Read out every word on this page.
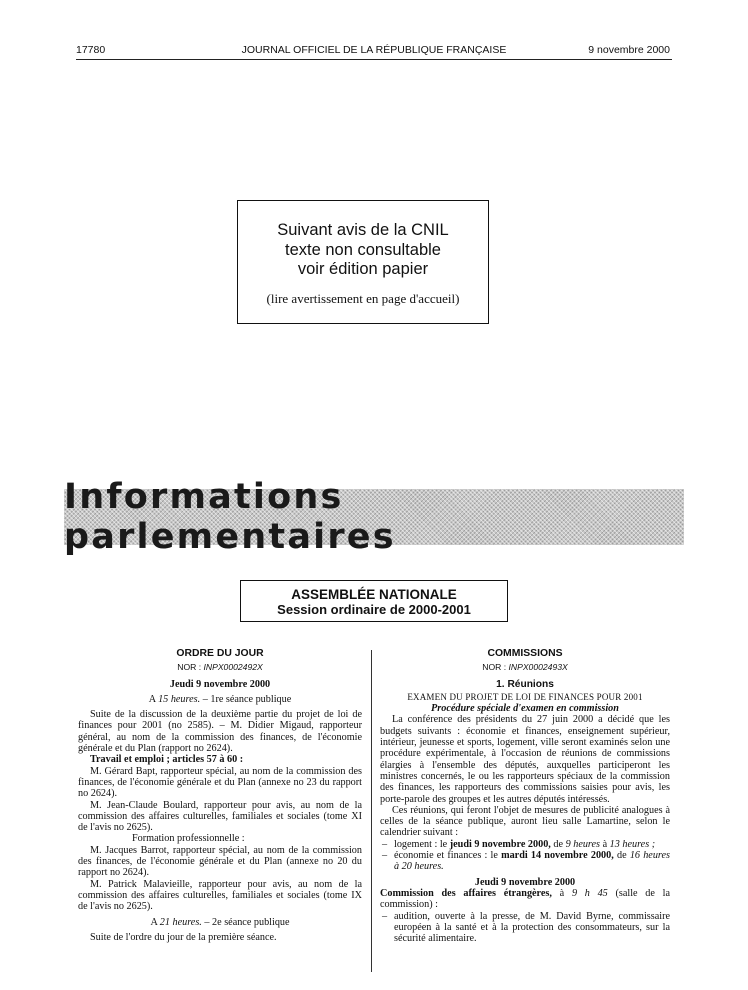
17780	JOURNAL OFFICIEL DE LA RÉPUBLIQUE FRANÇAISE	9 novembre 2000
Suivant avis de la CNIL
texte non consultable
voir édition papier
(lire avertissement en page d'accueil)
Informations parlementaires
ASSEMBLÉE NATIONALE
Session ordinaire de 2000-2001
ORDRE DU JOUR
NOR : INPX0002492X
Jeudi 9 novembre 2000
A 15 heures. – 1re séance publique

Suite de la discussion de la deuxième partie du projet de loi de finances pour 2001 (no 2585). – M. Didier Migaud, rapporteur général, au nom de la commission des finances, de l'économie générale et du Plan (rapport no 2624).

Travail et emploi ; articles 57 à 60 :

M. Gérard Bapt, rapporteur spécial, au nom de la commission des finances, de l'économie générale et du Plan (annexe no 23 du rapport no 2624).

M. Jean-Claude Boulard, rapporteur pour avis, au nom de la commission des affaires culturelles, familiales et sociales (tome XI de l'avis no 2625).

Formation professionnelle :

M. Jacques Barrot, rapporteur spécial, au nom de la commission des finances, de l'économie générale et du Plan (annexe no 20 du rapport no 2624).

M. Patrick Malavieille, rapporteur pour avis, au nom de la commission des affaires culturelles, familiales et sociales (tome IX de l'avis no 2625).

A 21 heures. – 2e séance publique

Suite de l'ordre du jour de la première séance.

COMMISSIONS
NOR : INPX0002493X
1. Réunions
EXAMEN DU PROJET DE LOI DE FINANCES POUR 2001
Procédure spéciale d'examen en commission

La conférence des présidents du 27 juin 2000 a décidé que les budgets suivants : économie et finances, enseignement supérieur, intérieur, jeunesse et sports, logement, ville seront examinés selon une procédure expérimentale, à l'occasion de réunions de commissions élargies à l'ensemble des députés, auxquelles participeront les ministres concernés, le ou les rapporteurs spéciaux de la commission des finances, les rapporteurs des commissions saisies pour avis, les porte-parole des groupes et les autres députés intéressés.

Ces réunions, qui feront l'objet de mesures de publicité analogues à celles de la séance publique, auront lieu salle Lamartine, selon le calendrier suivant :

– logement : le jeudi 9 novembre 2000, de 9 heures à 13 heures ;
– économie et finances : le mardi 14 novembre 2000, de 16 heures à 20 heures.
Jeudi 9 novembre 2000

Commission des affaires étrangères, à 9 h 45 (salle de la commission) :

– audition, ouverte à la presse, de M. David Byrne, commissaire européen à la santé et à la protection des consommateurs, sur la sécurité alimentaire.
